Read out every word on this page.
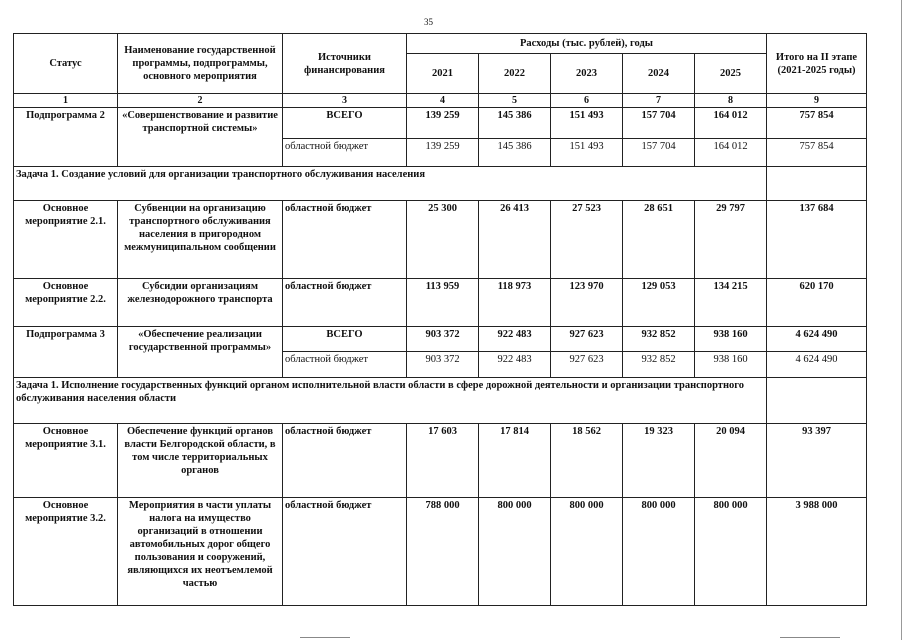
35
Статус	Наименование государственной программы, подпрограммы, основного мероприятия	Источники финансирования	Расходы (тыс. рублей), годы					Итого на II этапе (2021-2025 годы)
			2021	2022	2023	2024	2025	
1	2	3	4	5	6	7	8	9
Подпрограмма 2	«Совершенствование и развитие транспортной системы»	ВСЕГО	139 259	145 386	151 493	157 704	164 012	757 854
		областной бюджет	139 259	145 386	151 493	157 704	164 012	757 854
Задача 1. Создание условий для организации транспортного обслуживания населения								
Основное мероприятие 2.1.	Субвенции на организацию транспортного обслуживания населения в пригородном межмуниципальном сообщении	областной бюджет	25 300	26 413	27 523	28 651	29 797	137 684
Основное мероприятие 2.2.	Субсидии организациям железнодорожного транспорта	областной бюджет	113 959	118 973	123 970	129 053	134 215	620 170
Подпрограмма 3	«Обеспечение реализации государственной программы»	ВСЕГО	903 372	922 483	927 623	932 852	938 160	4 624 490
		областной бюджет	903 372	922 483	927 623	932 852	938 160	4 624 490
Задача 1. Исполнение государственных функций органом исполнительной власти области в сфере дорожной деятельности и организации транспортного обслуживания населения области								
Основное мероприятие 3.1.	Обеспечение функций органов власти Белгородской области, в том числе территориальных органов	областной бюджет	17 603	17 814	18 562	19 323	20 094	93 397
Основное мероприятие 3.2.	Мероприятия в части уплаты налога на имущество организаций в отношении автомобильных дорог общего пользования и сооружений, являющихся их неотъемлемой частью	областной бюджет	788 000	800 000	800 000	800 000	800 000	3 988 000
